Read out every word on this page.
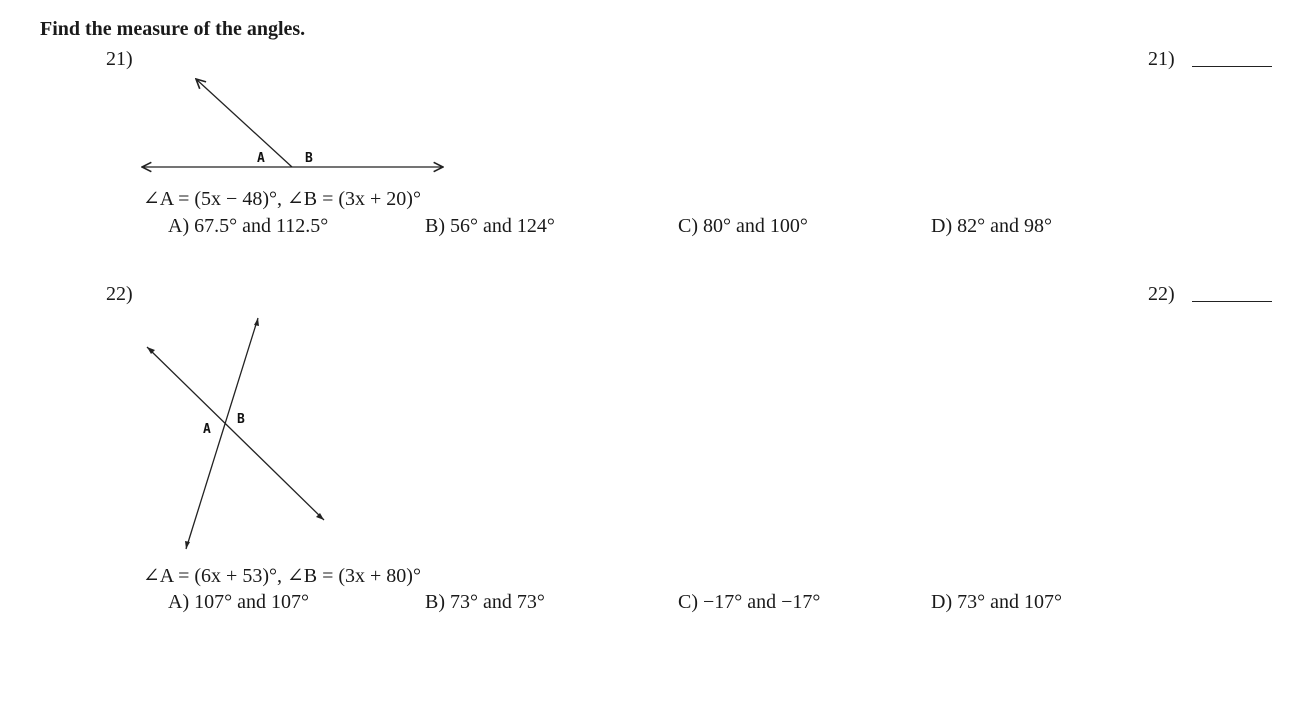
Find the measure of the angles.
21)	21)
A	B
∠A = (5x − 48)°, ∠B = (3x + 20)°
A) 67.5° and 112.5°	B) 56° and 124°	C) 80° and 100°	D) 82° and 98°
22)	22)
A
B
∠A = (6x + 53)°, ∠B = (3x + 80)°
A) 107° and 107°	B) 73° and 73°	C) −17° and −17°	D) 73° and 107°
